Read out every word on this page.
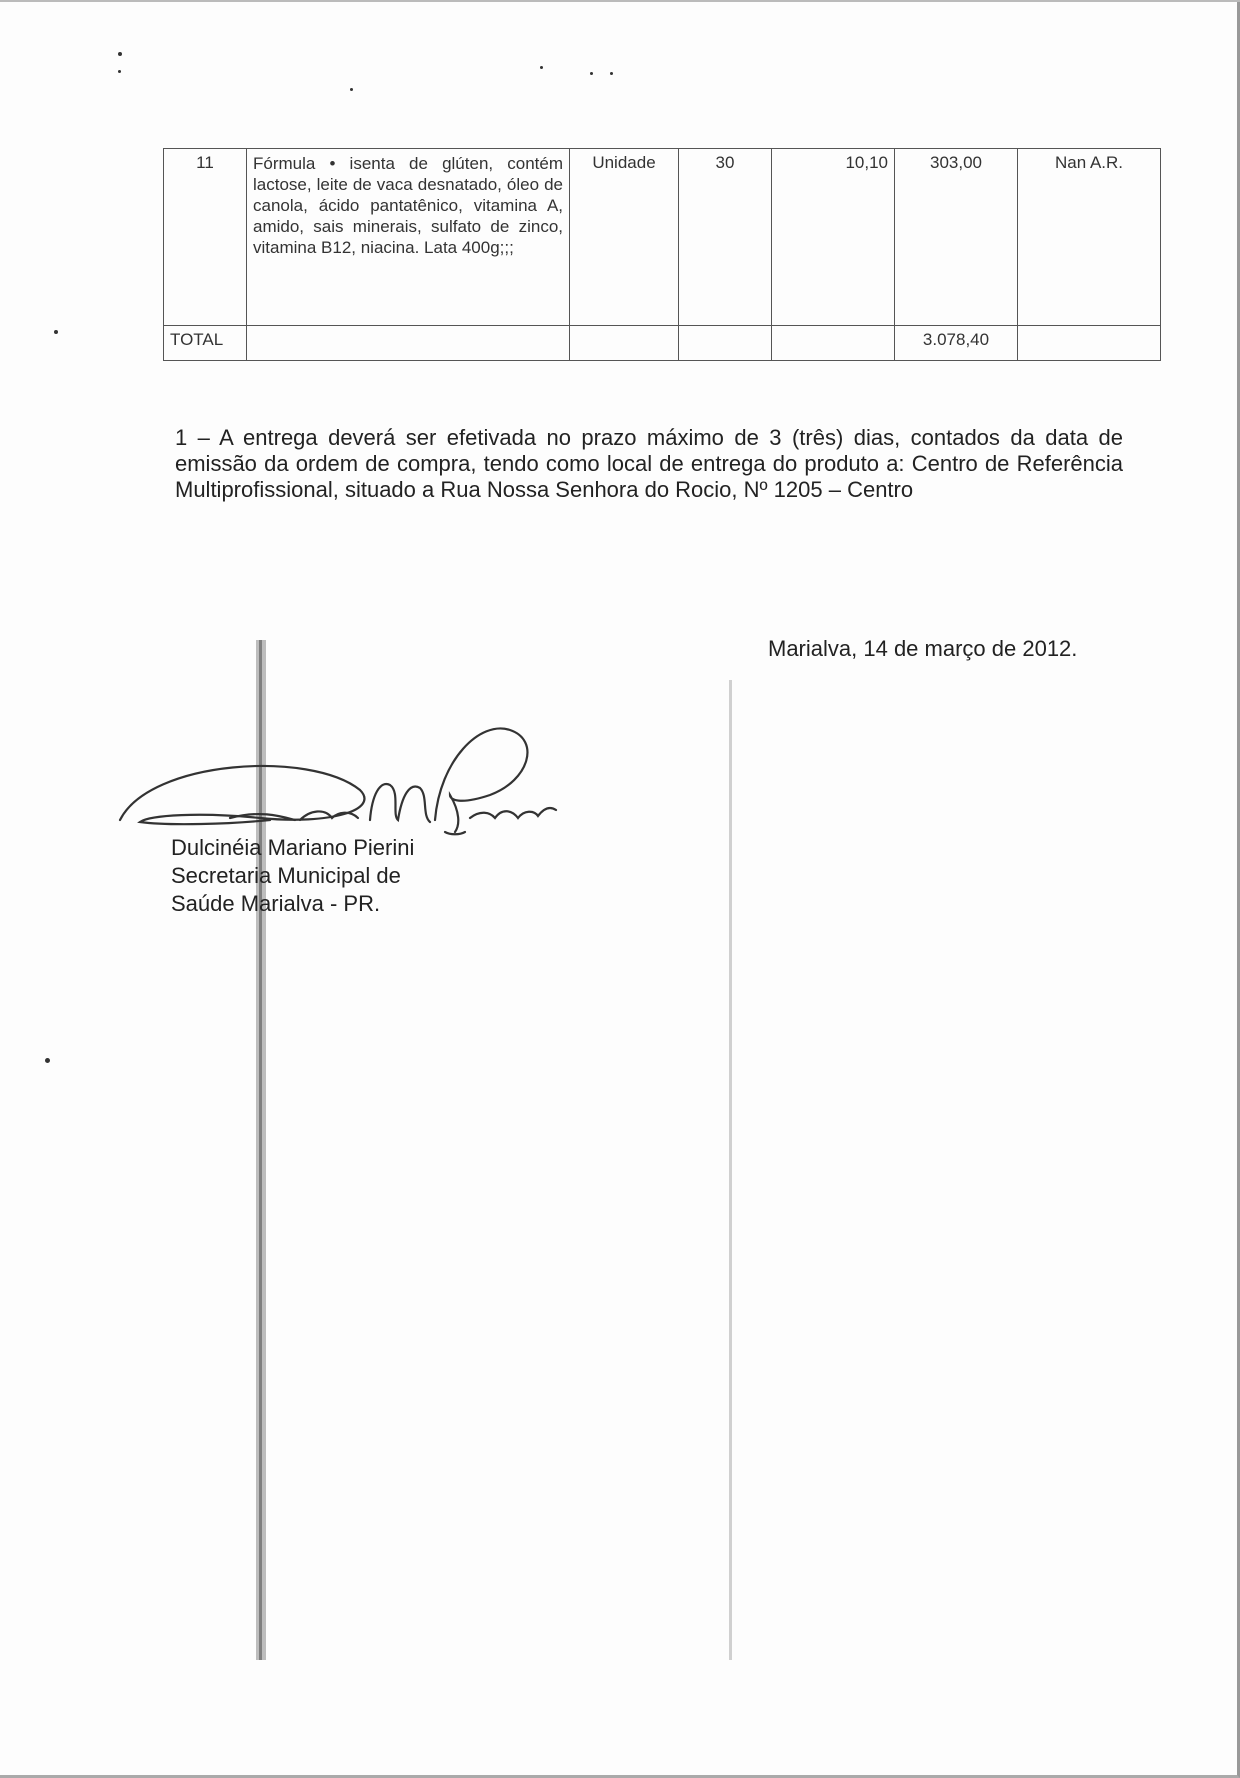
11	Fórmula • isenta de glúten, contém lactose, leite de vaca desnatado, óleo de canola, ácido pantatênico, vitamina A, amido, sais minerais, sulfato de zinco, vitamina B12, niacina. Lata 400g;;;	Unidade	30	10,10	303,00	Nan A.R.
TOTAL					3.078,40	

1 – A entrega deverá ser efetivada no prazo máximo de 3 (três) dias, contados da data de emissão da ordem de compra, tendo como local de entrega do produto a: Centro de Referência Multiprofissional, situado a Rua Nossa Senhora do Rocio, Nº 1205 – Centro

Marialva, 14 de março de 2012.
Dulcinéia Mariano Pierini
Secretaria Municipal de
Saúde Marialva - PR.
